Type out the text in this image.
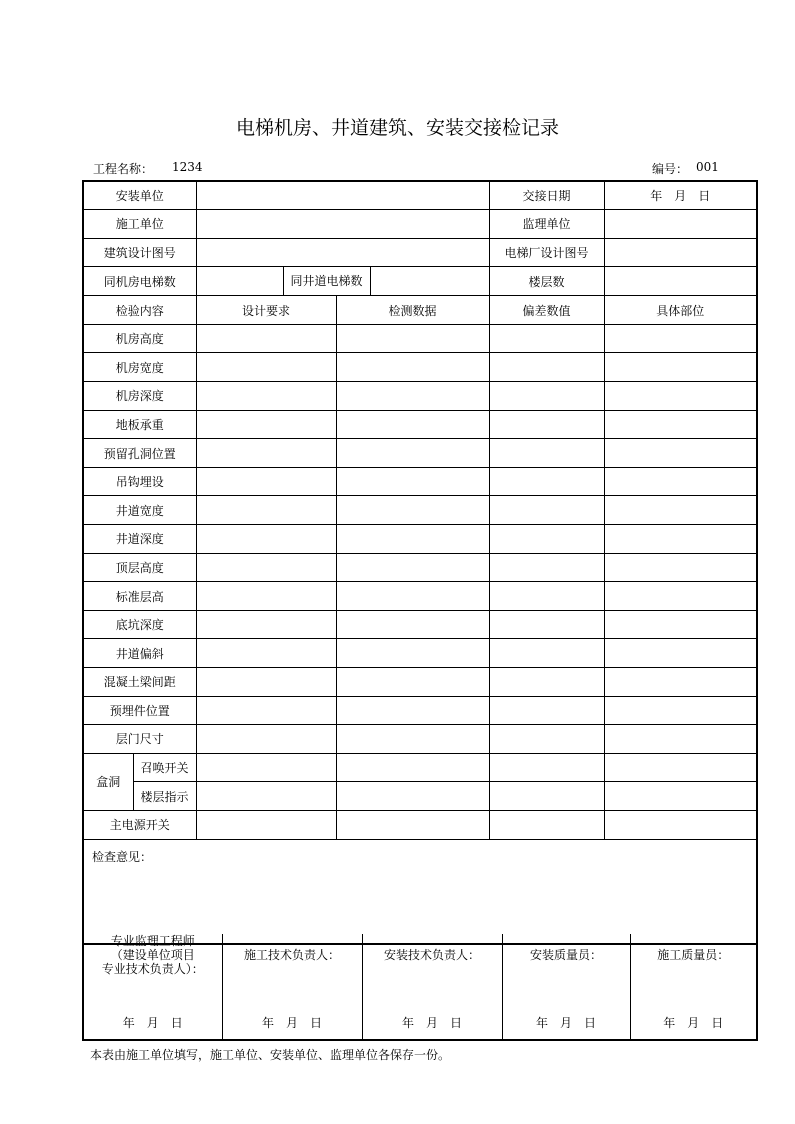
电梯机房、井道建筑、安装交接检记录
工程名称： 1234	编号： 001
安装单位					交接日期	年　月　日
施工单位					监理单位	
建筑设计图号					电梯厂设计图号	
同机房电梯数			同井道电梯数		楼层数	
检验内容		设计要求		检测数据	偏差数值	具体部位
机房高度						
机房宽度						
机房深度						
地板承重						
预留孔洞位置						
吊钩埋设						
井道宽度						
井道深度						
顶层高度						
标准层高						
底坑深度						
井道偏斜						
混凝土梁间距						
预埋件位置						
层门尺寸						
盒洞	召唤开关					
	楼层指示					
主电源开关						
检查意见：						
专业监理工程师
（建设单位项目
专业技术负责人）：
年　月　日

施工技术负责人：
年　月　日

安装技术负责人：
年　月　日

安装质量员：
年　月　日

施工质量员：
年　月　日
本表由施工单位填写，施工单位、安装单位、监理单位各保存一份。
